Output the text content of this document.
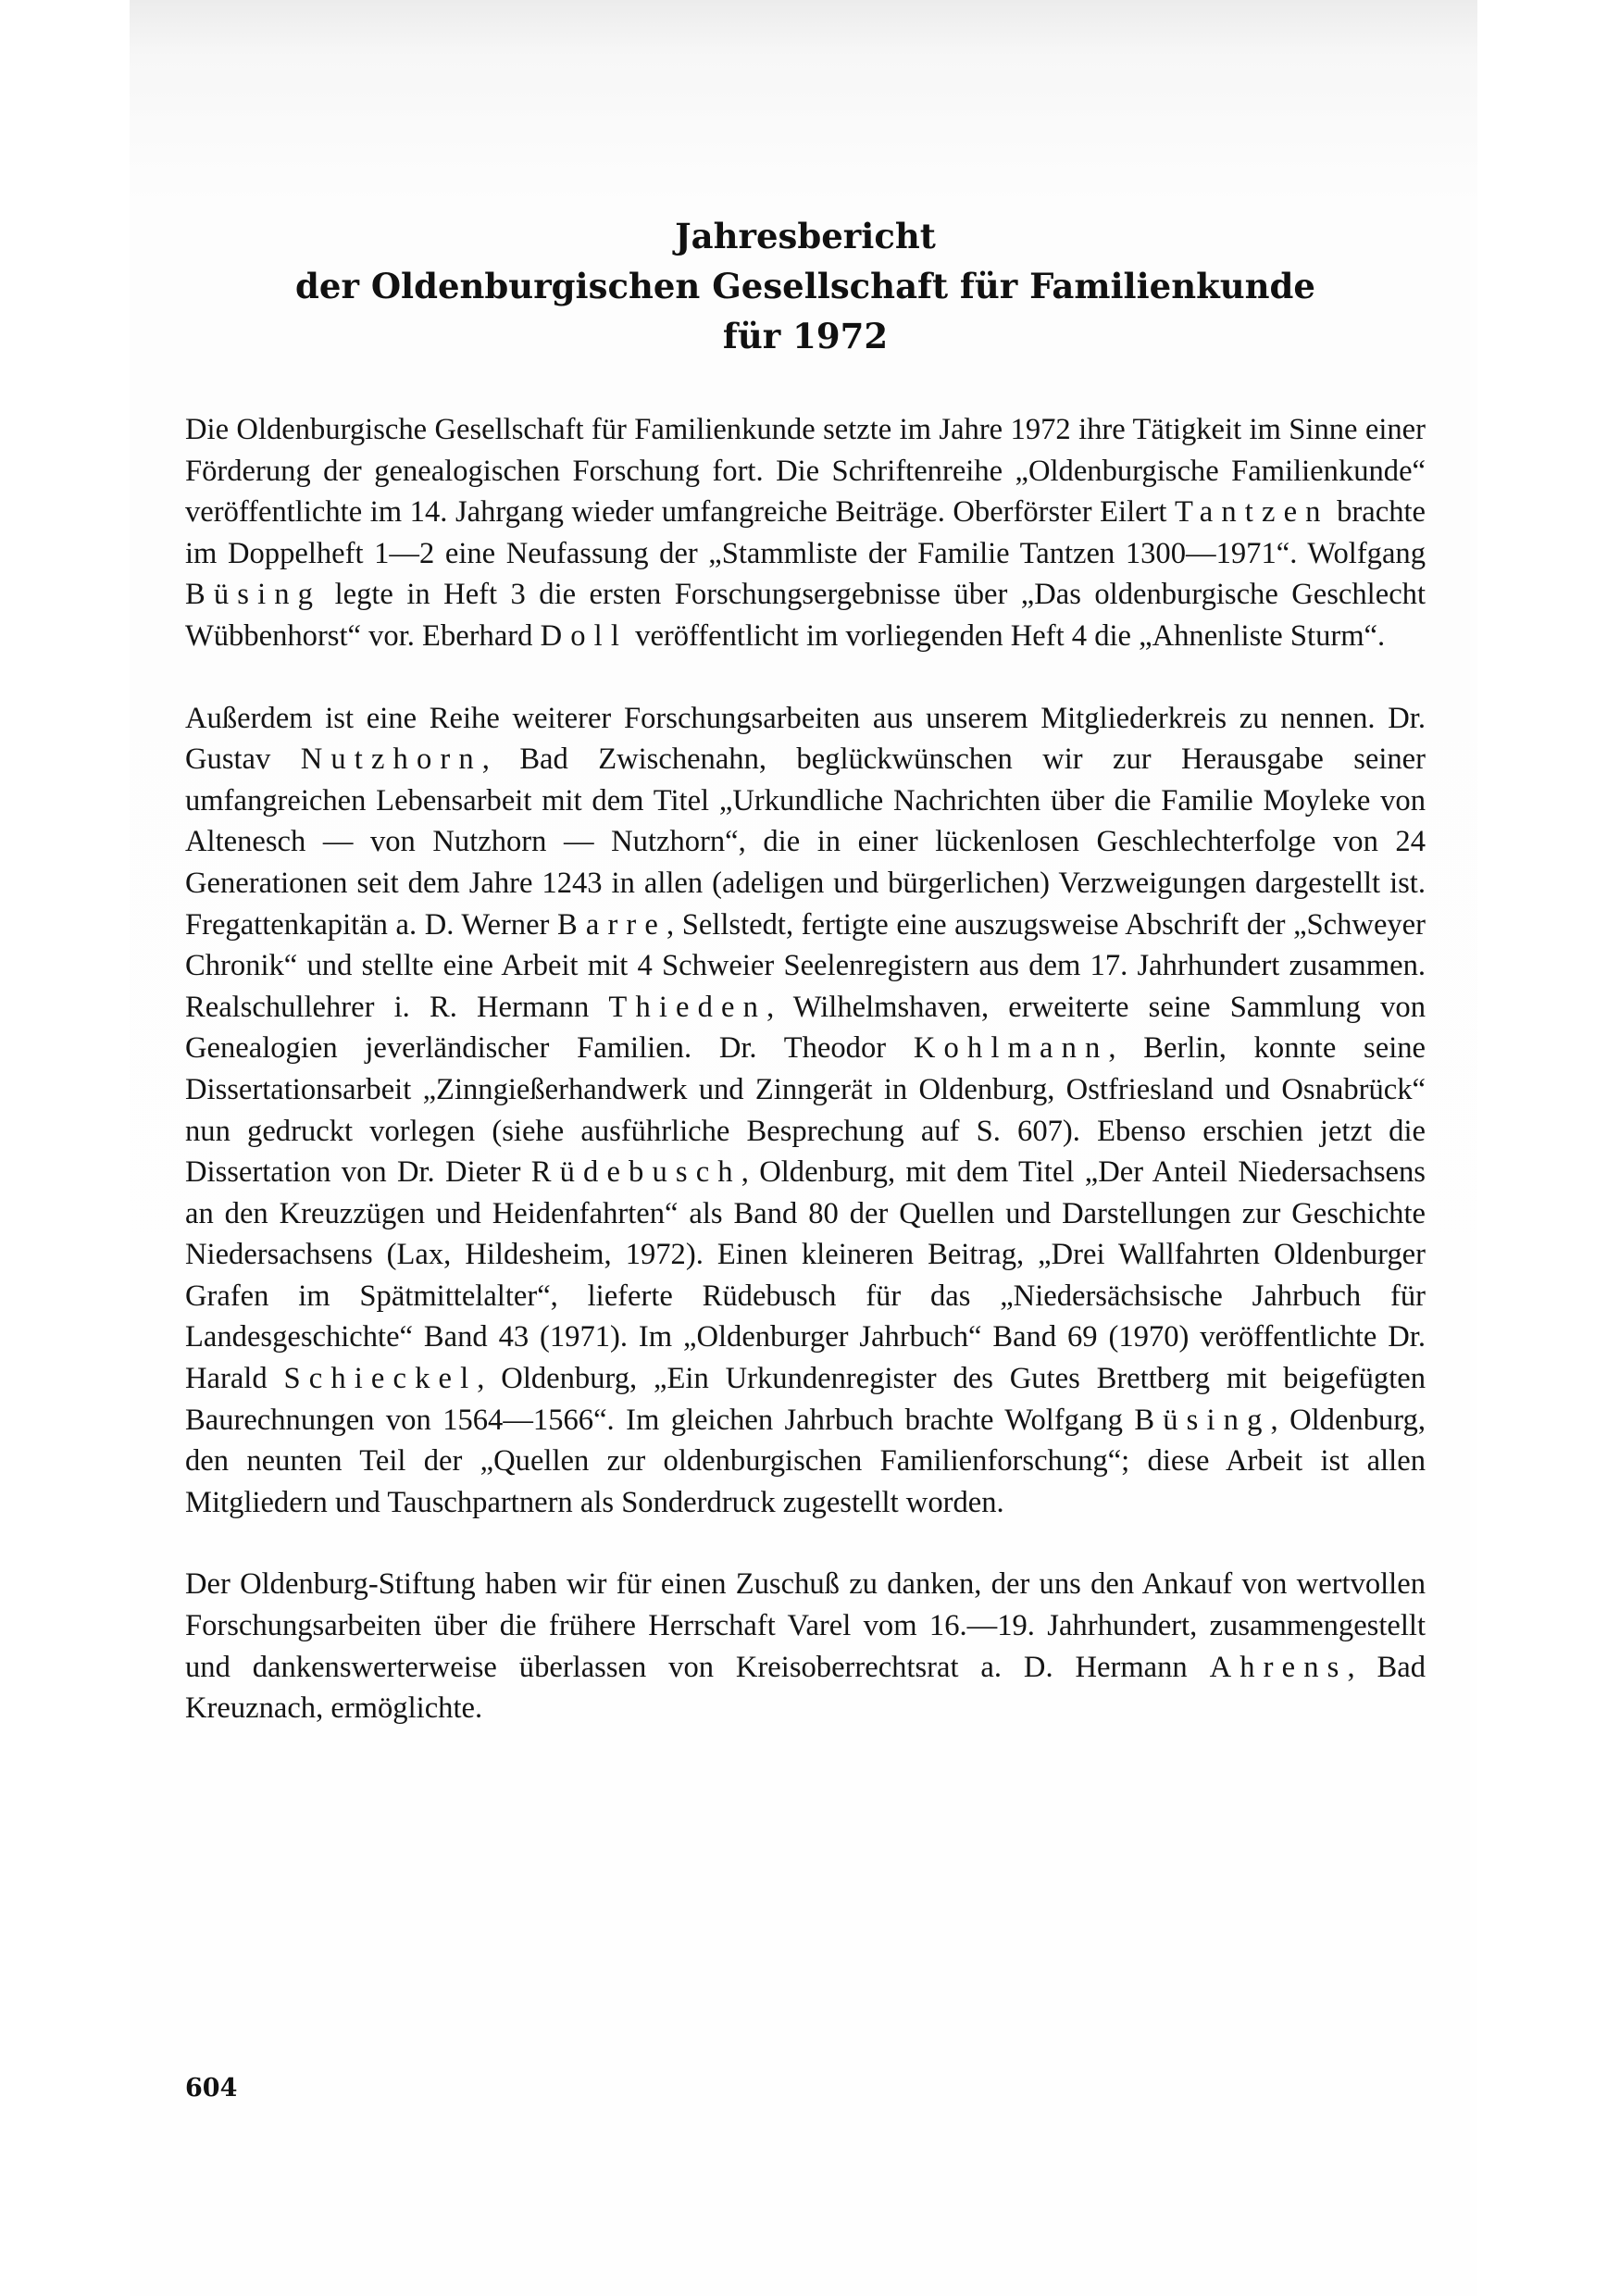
Jahresbericht
der Oldenburgischen Gesellschaft für Familienkunde
für 1972

Die Oldenburgische Gesellschaft für Familienkunde setzte im Jahre 1972 ihre Tätigkeit im Sinne einer Förderung der genealogischen Forschung fort. Die Schriftenreihe „Oldenburgische Familienkunde“ veröffentlichte im 14. Jahrgang wieder umfangreiche Beiträge. Oberförster Eilert Tantzen brachte im Doppelheft 1—2 eine Neufassung der „Stammliste der Familie Tantzen 1300—1971“. Wolfgang Büsing legte in Heft 3 die ersten Forschungsergebnisse über „Das oldenburgische Geschlecht Wübbenhorst“ vor. Eberhard Doll veröffentlicht im vorliegenden Heft 4 die „Ahnenliste Sturm“.

Außerdem ist eine Reihe weiterer Forschungsarbeiten aus unserem Mitgliederkreis zu nennen. Dr. Gustav Nutzhorn, Bad Zwischenahn, beglückwünschen wir zur Herausgabe seiner umfangreichen Lebensarbeit mit dem Titel „Urkundliche Nachrichten über die Familie Moyleke von Altenesch — von Nutzhorn — Nutzhorn“, die in einer lückenlosen Geschlechterfolge von 24 Generationen seit dem Jahre 1243 in allen (adeligen und bürgerlichen) Verzweigungen dargestellt ist. Fregattenkapitän a. D. Werner Barre, Sellstedt, fertigte eine auszugsweise Abschrift der „Schweyer Chronik“ und stellte eine Arbeit mit 4 Schweier Seelenregistern aus dem 17. Jahrhundert zusammen. Realschullehrer i. R. Hermann Thieden, Wilhelmshaven, erweiterte seine Sammlung von Genealogien jeverländischer Familien. Dr. Theodor Kohlmann, Berlin, konnte seine Dissertationsarbeit „Zinngießerhandwerk und Zinngerät in Oldenburg, Ostfriesland und Osnabrück“ nun gedruckt vorlegen (siehe ausführliche Besprechung auf S. 607). Ebenso erschien jetzt die Dissertation von Dr. Dieter Rüdebusch, Oldenburg, mit dem Titel „Der Anteil Niedersachsens an den Kreuzzügen und Heidenfahrten“ als Band 80 der Quellen und Darstellungen zur Geschichte Niedersachsens (Lax, Hildesheim, 1972). Einen kleineren Beitrag, „Drei Wallfahrten Oldenburger Grafen im Spätmittelalter“, lieferte Rüdebusch für das „Niedersächsische Jahrbuch für Landesgeschichte“ Band 43 (1971). Im „Oldenburger Jahrbuch“ Band 69 (1970) veröffentlichte Dr. Harald Schieckel, Oldenburg, „Ein Urkundenregister des Gutes Brettberg mit beigefügten Baurechnungen von 1564—1566“. Im gleichen Jahrbuch brachte Wolfgang Büsing, Oldenburg, den neunten Teil der „Quellen zur oldenburgischen Familienforschung“; diese Arbeit ist allen Mitgliedern und Tauschpartnern als Sonderdruck zugestellt worden.

Der Oldenburg-Stiftung haben wir für einen Zuschuß zu danken, der uns den Ankauf von wertvollen Forschungsarbeiten über die frühere Herrschaft Varel vom 16.—19. Jahrhundert, zusammengestellt und dankenswerterweise überlassen von Kreisoberrechtsrat a. D. Hermann Ahrens, Bad Kreuznach, ermöglichte.

604
